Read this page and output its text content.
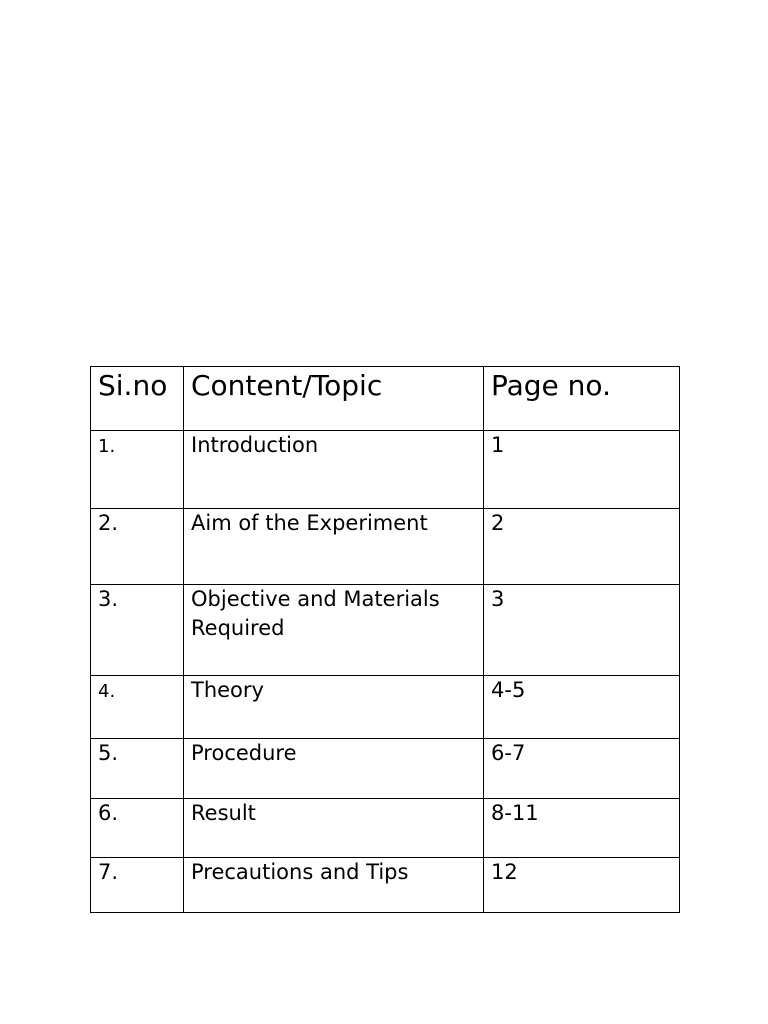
Si.no	Content/Topic	Page no.
1.	Introduction	1
2.	Aim of the Experiment	2
3.	Objective and Materials Required	3
4.	Theory	4-5
5.	Procedure	6-7
6.	Result	8-11
7.	Precautions and Tips	12
